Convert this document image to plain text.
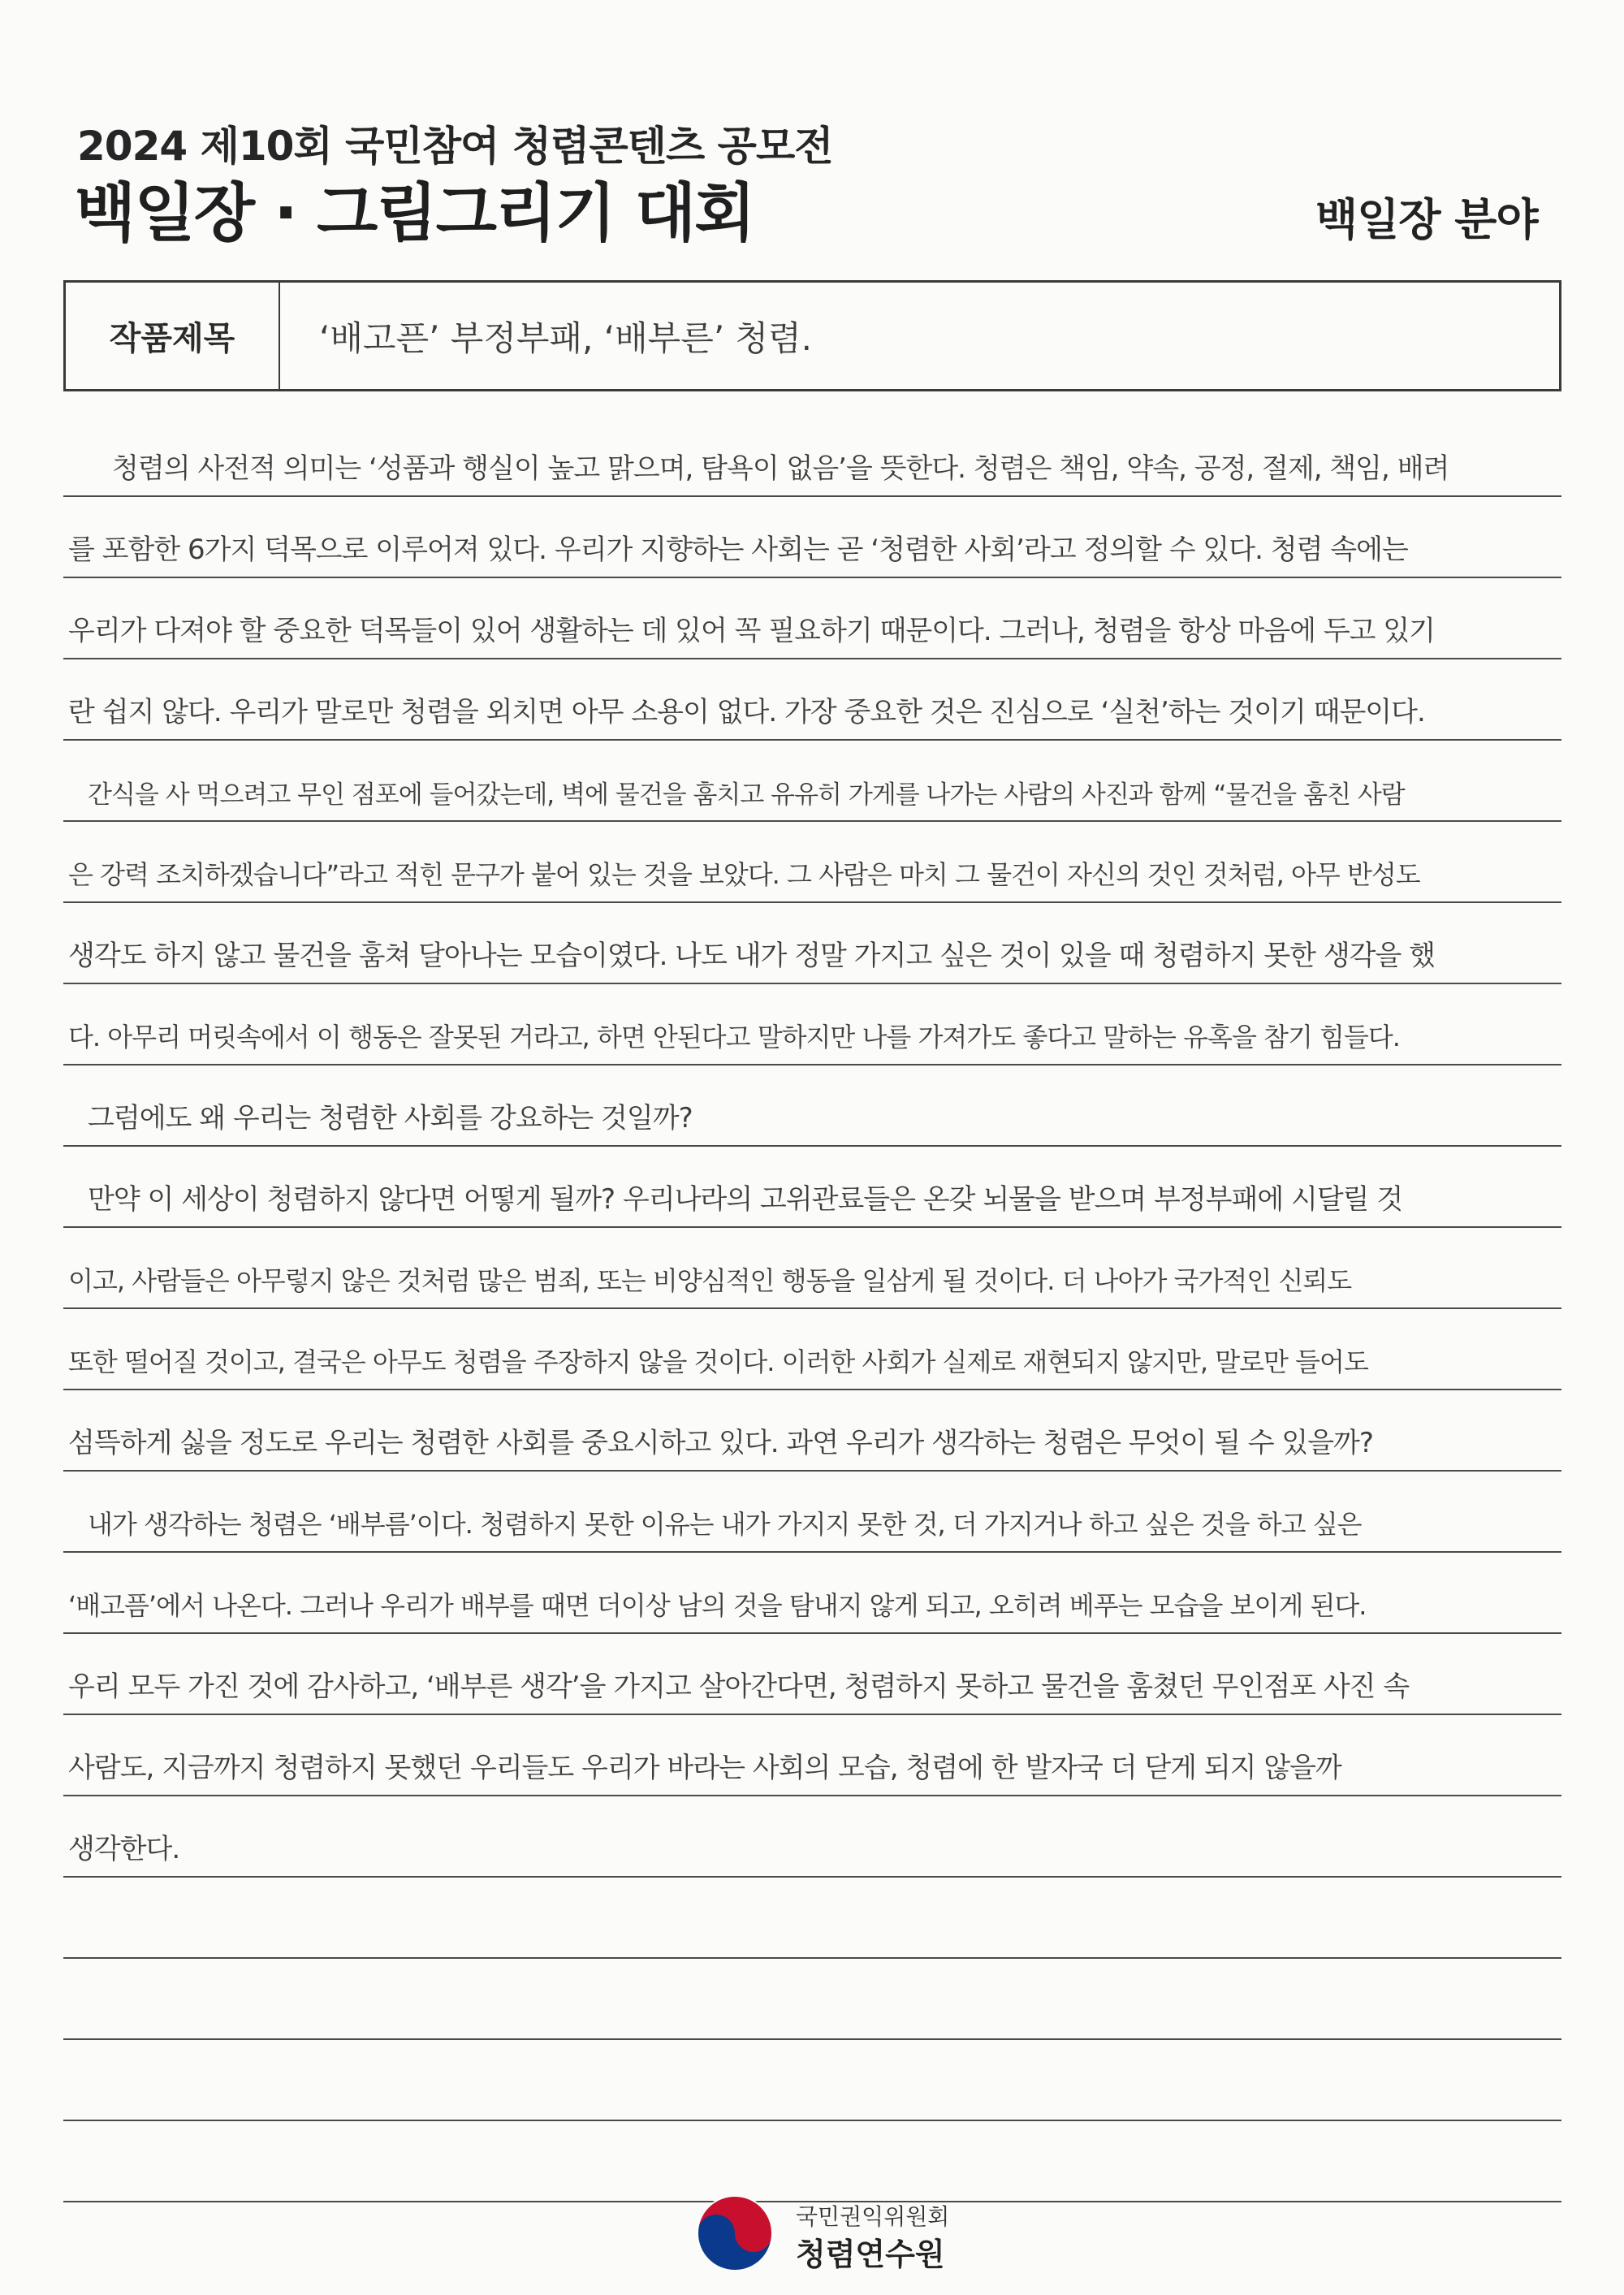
2024 제10회 국민참여 청렴콘텐츠 공모전
백일장 · 그림그리기 대회	백일장 분야
작품제목	‘배고픈’ 부정부패, ‘배부른’ 청렴.
청렴의 사전적 의미는 ‘성품과 행실이 높고 맑으며, 탐욕이 없음’을 뜻한다. 청렴은 책임, 약속, 공정, 절제, 책임, 배려
를 포함한 6가지 덕목으로 이루어져 있다. 우리가 지향하는 사회는 곧 ‘청렴한 사회’라고 정의할 수 있다. 청렴 속에는
우리가 다져야 할 중요한 덕목들이 있어 생활하는 데 있어 꼭 필요하기 때문이다. 그러나, 청렴을 항상 마음에 두고 있기
란 쉽지 않다. 우리가 말로만 청렴을 외치면 아무 소용이 없다. 가장 중요한 것은 진심으로 ‘실천’하는 것이기 때문이다.
간식을 사 먹으려고 무인 점포에 들어갔는데, 벽에 물건을 훔치고 유유히 가게를 나가는 사람의 사진과 함께 “물건을 훔친 사람
은 강력 조치하겠습니다”라고 적힌 문구가 붙어 있는 것을 보았다. 그 사람은 마치 그 물건이 자신의 것인 것처럼, 아무 반성도
생각도 하지 않고 물건을 훔쳐 달아나는 모습이였다. 나도 내가 정말 가지고 싶은 것이 있을 때 청렴하지 못한 생각을 했
다. 아무리 머릿속에서 이 행동은 잘못된 거라고, 하면 안된다고 말하지만 나를 가져가도 좋다고 말하는 유혹을 참기 힘들다.
그럼에도 왜 우리는 청렴한 사회를 강요하는 것일까?
만약 이 세상이 청렴하지 않다면 어떻게 될까? 우리나라의 고위관료들은 온갖 뇌물을 받으며 부정부패에 시달릴 것
이고, 사람들은 아무렇지 않은 것처럼 많은 범죄, 또는 비양심적인 행동을 일삼게 될 것이다. 더 나아가 국가적인 신뢰도
또한 떨어질 것이고, 결국은 아무도 청렴을 주장하지 않을 것이다. 이러한 사회가 실제로 재현되지 않지만, 말로만 들어도
섬뜩하게 싫을 정도로 우리는 청렴한 사회를 중요시하고 있다. 과연 우리가 생각하는 청렴은 무엇이 될 수 있을까?
내가 생각하는 청렴은 ‘배부름’이다. 청렴하지 못한 이유는 내가 가지지 못한 것, 더 가지거나 하고 싶은 것을 하고 싶은
‘배고픔’에서 나온다. 그러나 우리가 배부를 때면 더이상 남의 것을 탐내지 않게 되고, 오히려 베푸는 모습을 보이게 된다.
우리 모두 가진 것에 감사하고, ‘배부른 생각’을 가지고 살아간다면, 청렴하지 못하고 물건을 훔쳤던 무인점포 사진 속
사람도, 지금까지 청렴하지 못했던 우리들도 우리가 바라는 사회의 모습, 청렴에 한 발자국 더 닫게 되지 않을까
생각한다.
국민권익위원회
청렴연수원
